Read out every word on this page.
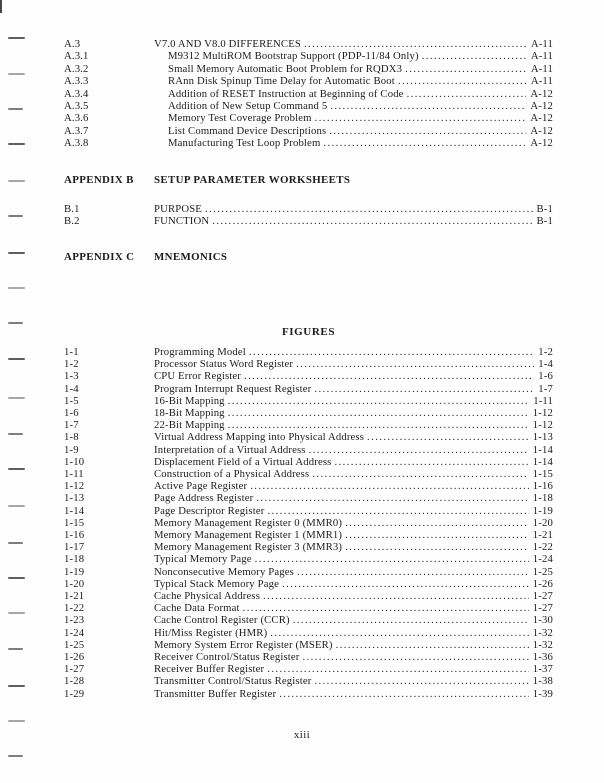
A.3	V7.0 AND V8.0 DIFFERENCES .....	A-11
A.3.1	M9312 MultiROM Bootstrap Support (PDP-11/84 Only) .....	A-11
A.3.2	Small Memory Automatic Boot Problem for RQDX3 .....	A-11
A.3.3	RAnn Disk Spinup Time Delay for Automatic Boot .....	A-11
A.3.4	Addition of RESET Instruction at Beginning of Code .....	A-12
A.3.5	Addition of New Setup Command 5 .....	A-12
A.3.6	Memory Test Coverage Problem .....	A-12
A.3.7	List Command Device Descriptions .....	A-12
A.3.8	Manufacturing Test Loop Problem .....	A-12
APPENDIX B	SETUP PARAMETER WORKSHEETS
B.1	PURPOSE .....	B-1
B.2	FUNCTION .....	B-1
APPENDIX C	MNEMONICS
FIGURES
1-1	Programming Model .....	1-2
1-2	Processor Status Word Register .....	1-4
1-3	CPU Error Register .....	1-6
1-4	Program Interrupt Request Register .....	1-7
1-5	16-Bit Mapping .....	1-11
1-6	18-Bit Mapping .....	1-12
1-7	22-Bit Mapping .....	1-12
1-8	Virtual Address Mapping into Physical Address .....	1-13
1-9	Interpretation of a Virtual Address .....	1-14
1-10	Displacement Field of a Virtual Address .....	1-14
1-11	Construction of a Physical Address .....	1-15
1-12	Active Page Register .....	1-16
1-13	Page Address Register .....	1-18
1-14	Page Descriptor Register .....	1-19
1-15	Memory Management Register 0 (MMR0) .....	1-20
1-16	Memory Management Register 1 (MMR1) .....	1-21
1-17	Memory Management Register 3 (MMR3) .....	1-22
1-18	Typical Memory Page .....	1-24
1-19	Nonconsecutive Memory Pages .....	1-25
1-20	Typical Stack Memory Page .....	1-26
1-21	Cache Physical Address .....	1-27
1-22	Cache Data Format .....	1-27
1-23	Cache Control Register (CCR) .....	1-30
1-24	Hit/Miss Register (HMR) .....	1-32
1-25	Memory System Error Register (MSER) .....	1-32
1-26	Receiver Control/Status Register .....	1-36
1-27	Receiver Buffer Register .....	1-37
1-28	Transmitter Control/Status Register .....	1-38
1-29	Transmitter Buffer Register .....	1-39
xiii
